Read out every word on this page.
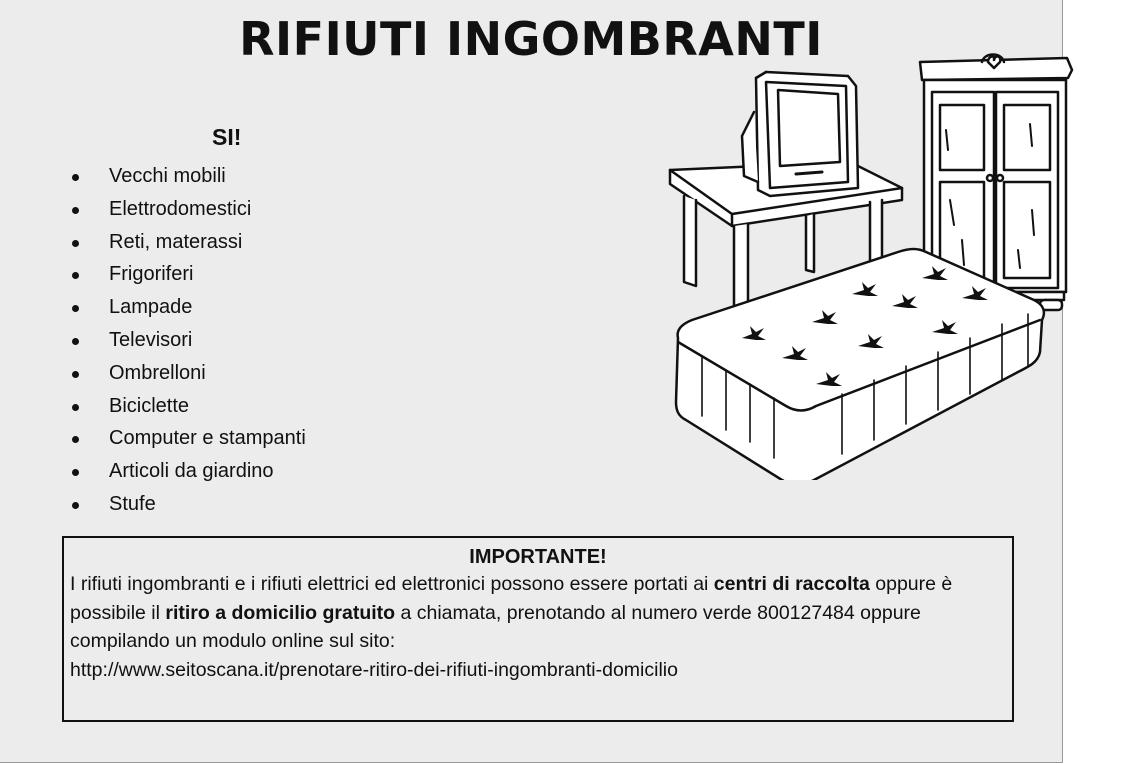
RIFIUTI INGOMBRANTI
SI!
Vecchi mobili
Elettrodomestici
Reti, materassi
Frigoriferi
Lampade
Televisori
Ombrelloni
Biciclette
Computer e stampanti
Articoli da giardino
Stufe
IMPORTANTE!
I rifiuti ingombranti e i rifiuti elettrici ed elettronici possono essere portati ai centri di raccolta oppure è possibile il ritiro a domicilio gratuito a chiamata, prenotando al numero verde 800127484 oppure compilando un modulo online sul sito:
http://www.seitoscana.it/prenotare-ritiro-dei-rifiuti-ingombranti-domicilio
